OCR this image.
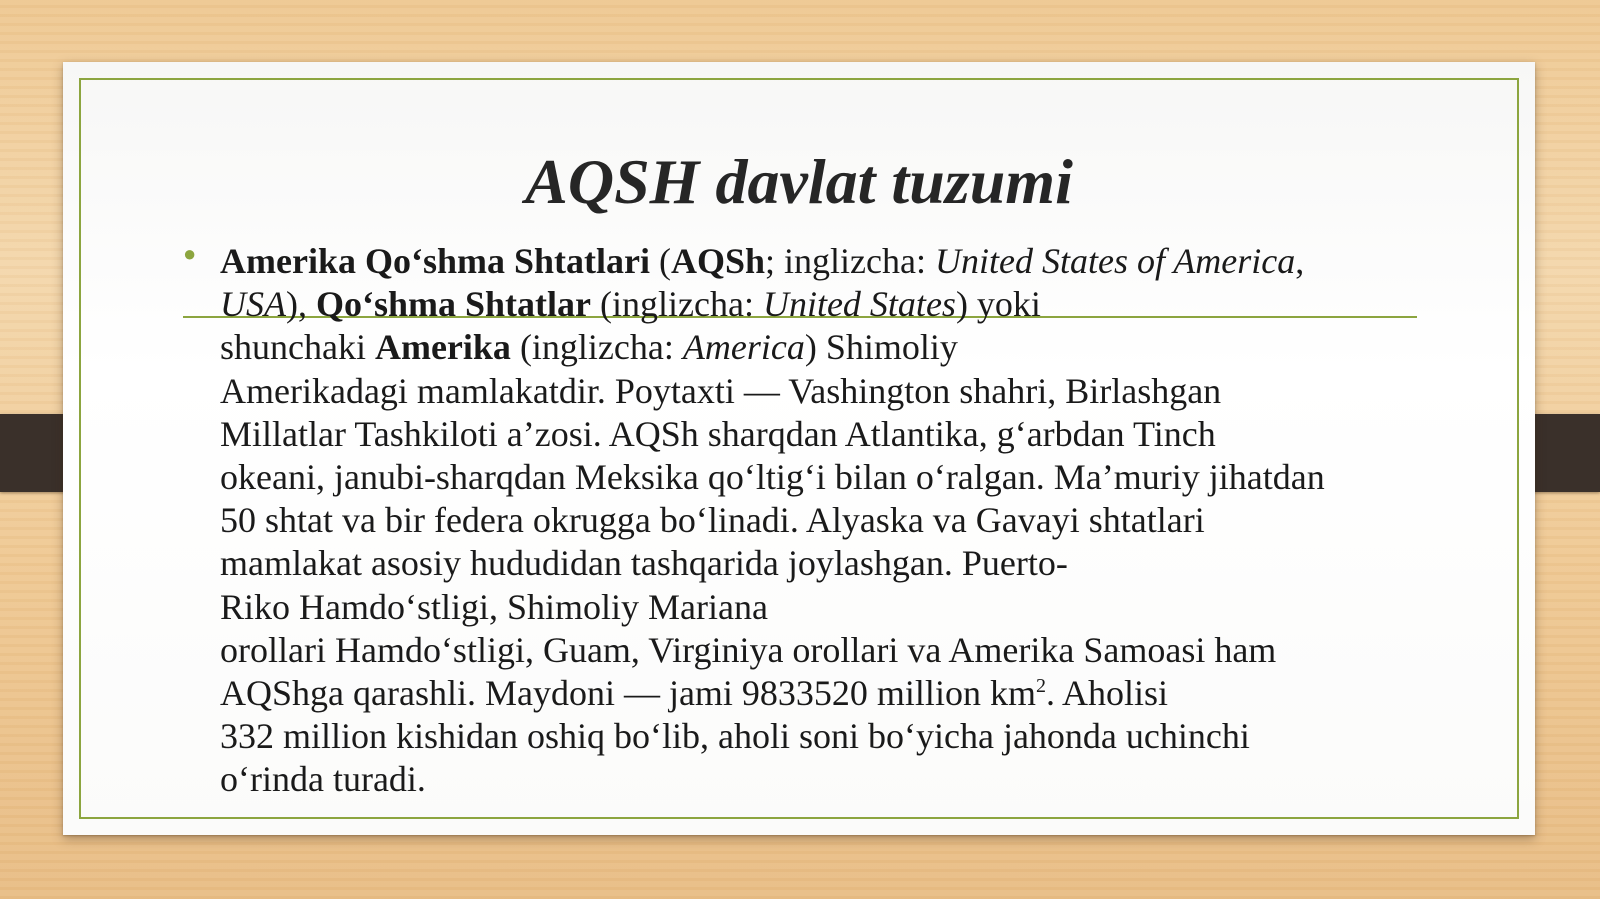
AQSH davlat tuzumi
● Amerika Qo‘shma Shtatlari (AQSh; inglizcha: United States of America,
USA), Qo‘shma Shtatlar (inglizcha: United States) yoki
shunchaki Amerika (inglizcha: America) Shimoliy
Amerikadagi mamlakatdir. Poytaxti — Vashington shahri, Birlashgan
Millatlar Tashkiloti a’zosi. AQSh sharqdan Atlantika, g‘arbdan Tinch
okeani, janubi-sharqdan Meksika qo‘ltig‘i bilan o‘ralgan. Ma’muriy jihatdan
50 shtat va bir federa okrugga bo‘linadi. Alyaska va Gavayi shtatlari
mamlakat asosiy hududidan tashqarida joylashgan. Puerto-
Riko Hamdo‘stligi, Shimoliy Mariana
orollari Hamdo‘stligi, Guam, Virginiya orollari va Amerika Samoasi ham
AQShga qarashli. Maydoni — jami 9833520 million $km^2$. Aholisi
332 million kishidan oshiq bo‘lib, aholi soni bo‘yicha jahonda uchinchi
o‘rinda turadi.
